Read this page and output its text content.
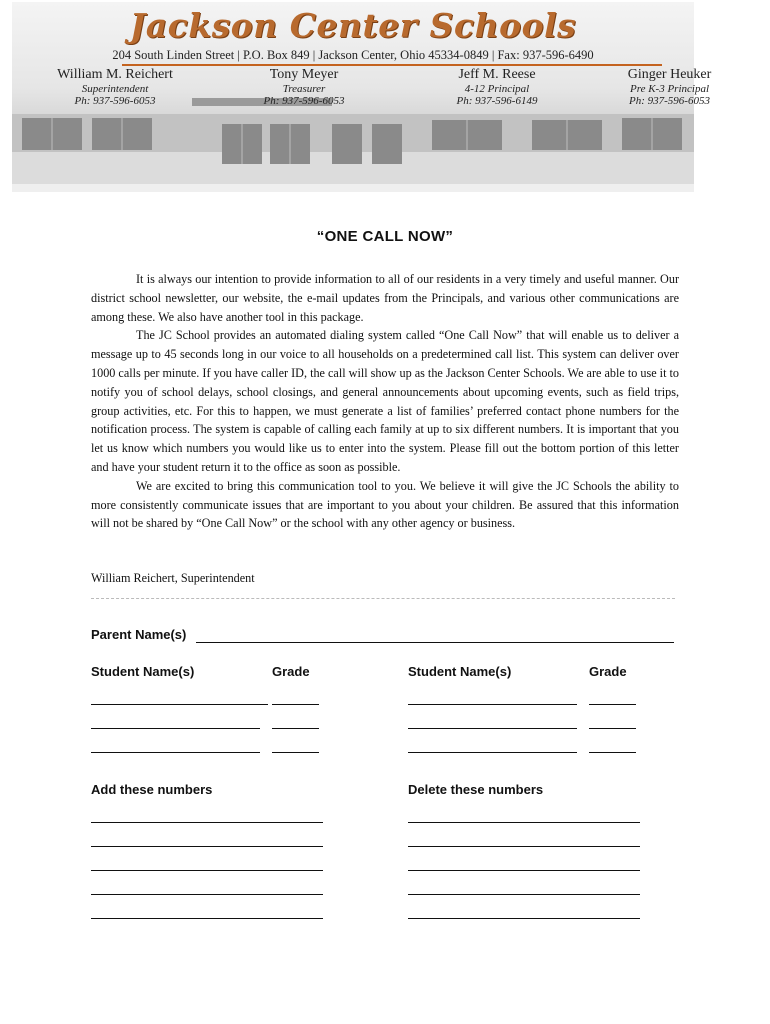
Jackson Center Schools
204 South Linden Street | P.O. Box 849 | Jackson Center, Ohio 45334-0849 | Fax: 937-596-6490
William M. Reichert
Superintendent
Ph: 937-596-6053
Tony Meyer
Treasurer
Ph: 937-596-6053
Jeff M. Reese
4-12 Principal
Ph: 937-596-6149
Ginger Heuker
Pre K-3 Principal
Ph: 937-596-6053
“ONE CALL NOW”

It is always our intention to provide information to all of our residents in a very timely and useful manner. Our district school newsletter, our website, the e-mail updates from the Principals, and various other communications are among these. We also have another tool in this package.

The JC School provides an automated dialing system called “One Call Now” that will enable us to deliver a message up to 45 seconds long in our voice to all households on a predetermined call list. This system can deliver over 1000 calls per minute. If you have caller ID, the call will show up as the Jackson Center Schools. We are able to use it to notify you of school delays, school closings, and general announcements about upcoming events, such as field trips, group activities, etc. For this to happen, we must generate a list of families’ preferred contact phone numbers for the notification process. The system is capable of calling each family at up to six different numbers. It is important that you let us know which numbers you would like us to enter into the system. Please fill out the bottom portion of this letter and have your student return it to the office as soon as possible.

We are excited to bring this communication tool to you. We believe it will give the JC Schools the ability to more consistently communicate issues that are important to you about your children. Be assured that this information will not be shared by “One Call Now” or the school with any other agency or business.

William Reichert, Superintendent
Parent Name(s)
Student Name(s)	Grade	Student Name(s)	Grade
Add these numbers	Delete these numbers
